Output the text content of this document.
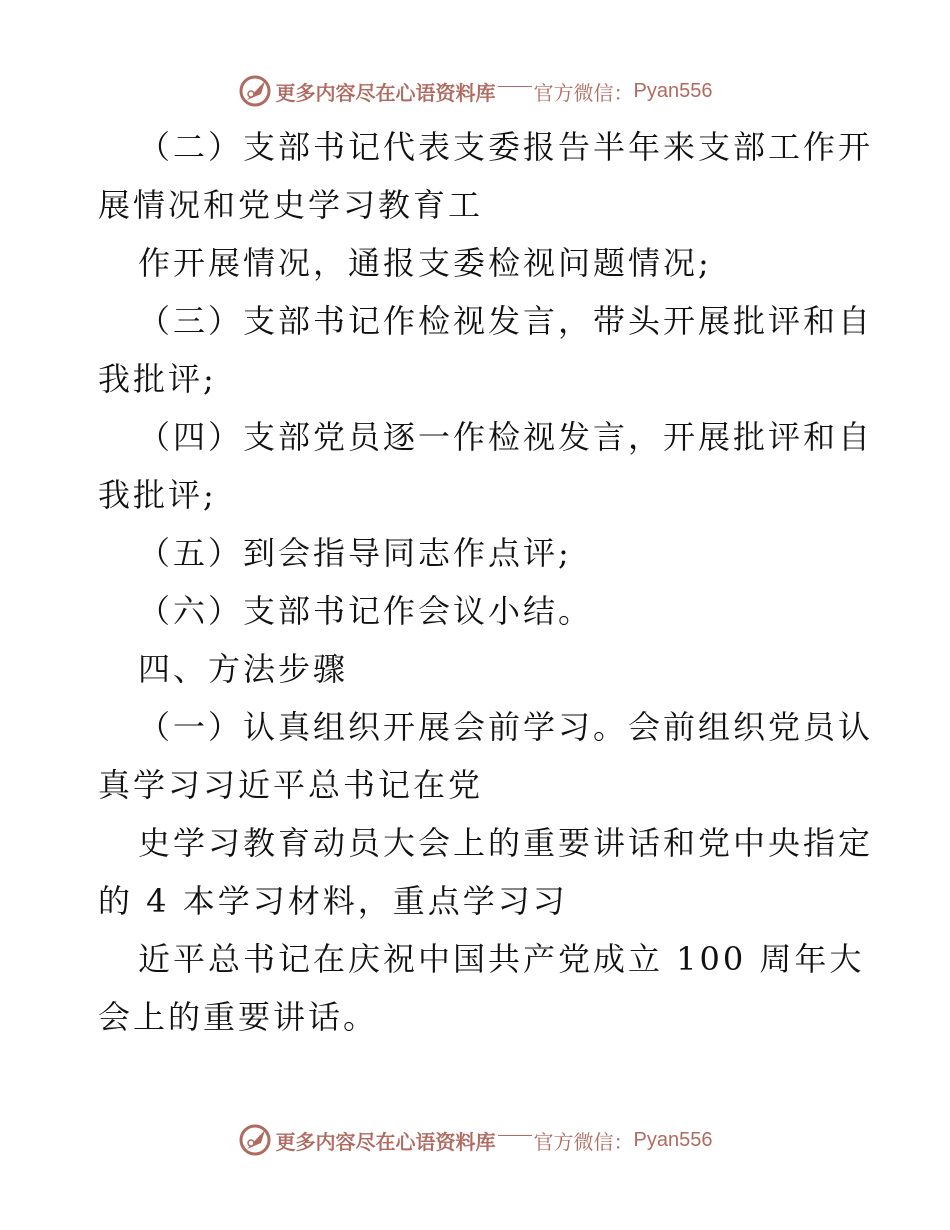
更多内容尽在心语资料库 官方微信： Pyan556
（二）支部书记代表支委报告半年来支部工作开
展情况和党史学习教育工
作开展情况，通报支委检视问题情况;
（三）支部书记作检视发言，带头开展批评和自
我批评;
（四）支部党员逐一作检视发言，开展批评和自
我批评;
（五）到会指导同志作点评;
（六）支部书记作会议小结。
四、方法步骤
（一）认真组织开展会前学习。会前组织党员认
真学习习近平总书记在党
史学习教育动员大会上的重要讲话和党中央指定
的 4 本学习材料，重点学习习
近平总书记在庆祝中国共产党成立 100 周年大
会上的重要讲话。
更多内容尽在心语资料库 官方微信： Pyan556
